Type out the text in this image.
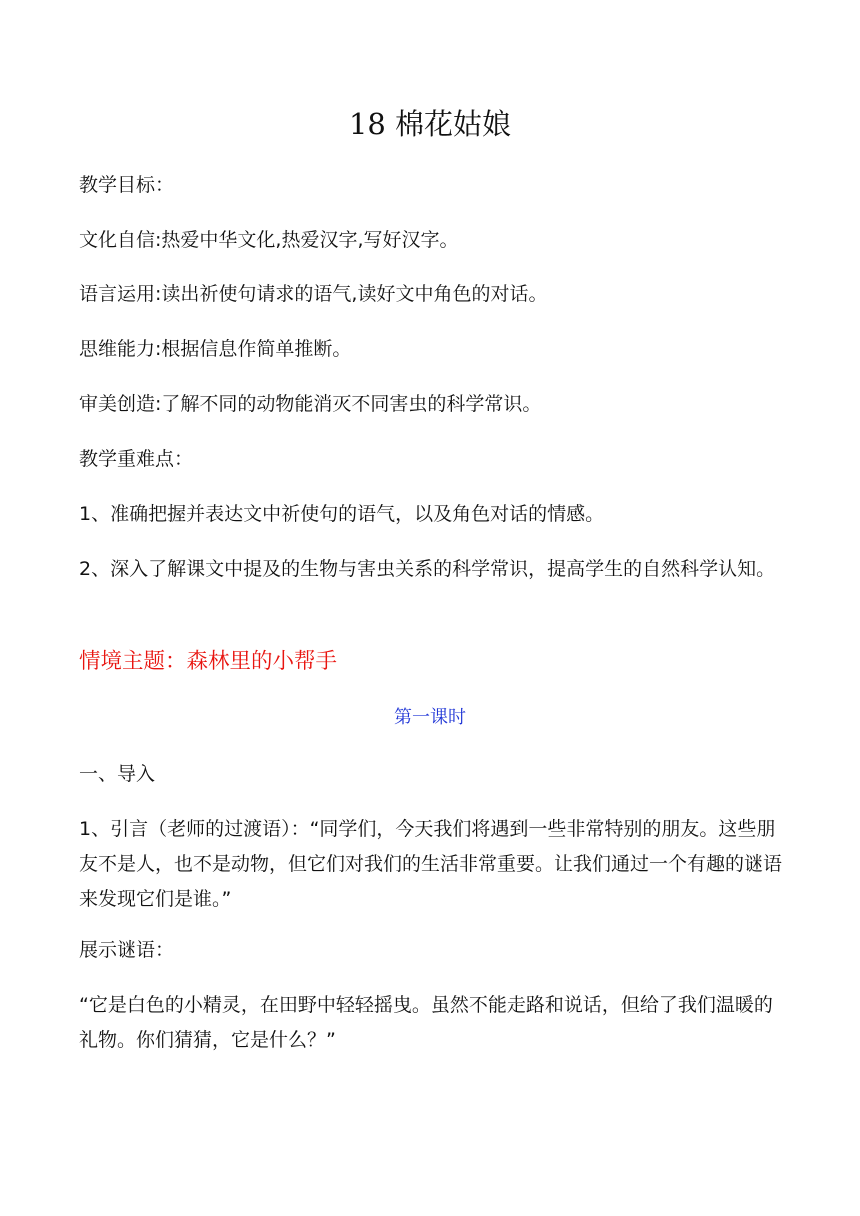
18 棉花姑娘
教学目标：
文化自信:热爱中华文化,热爱汉字,写好汉字。
语言运用:读出祈使句请求的语气,读好文中角色的对话。
思维能力:根据信息作简单推断。
审美创造:了解不同的动物能消灭不同害虫的科学常识。
教学重难点：
1、准确把握并表达文中祈使句的语气，以及角色对话的情感。
2、深入了解课文中提及的生物与害虫关系的科学常识，提高学生的自然科学认知。
情境主题：森林里的小帮手
第一课时
一、导入
1、引言（老师的过渡语）：“同学们，今天我们将遇到一些非常特别的朋友。这些朋友不是人，也不是动物，但它们对我们的生活非常重要。让我们通过一个有趣的谜语来发现它们是谁。”
展示谜语：
“它是白色的小精灵，在田野中轻轻摇曳。虽然不能走路和说话，但给了我们温暖的礼物。你们猜猜，它是什么？”
